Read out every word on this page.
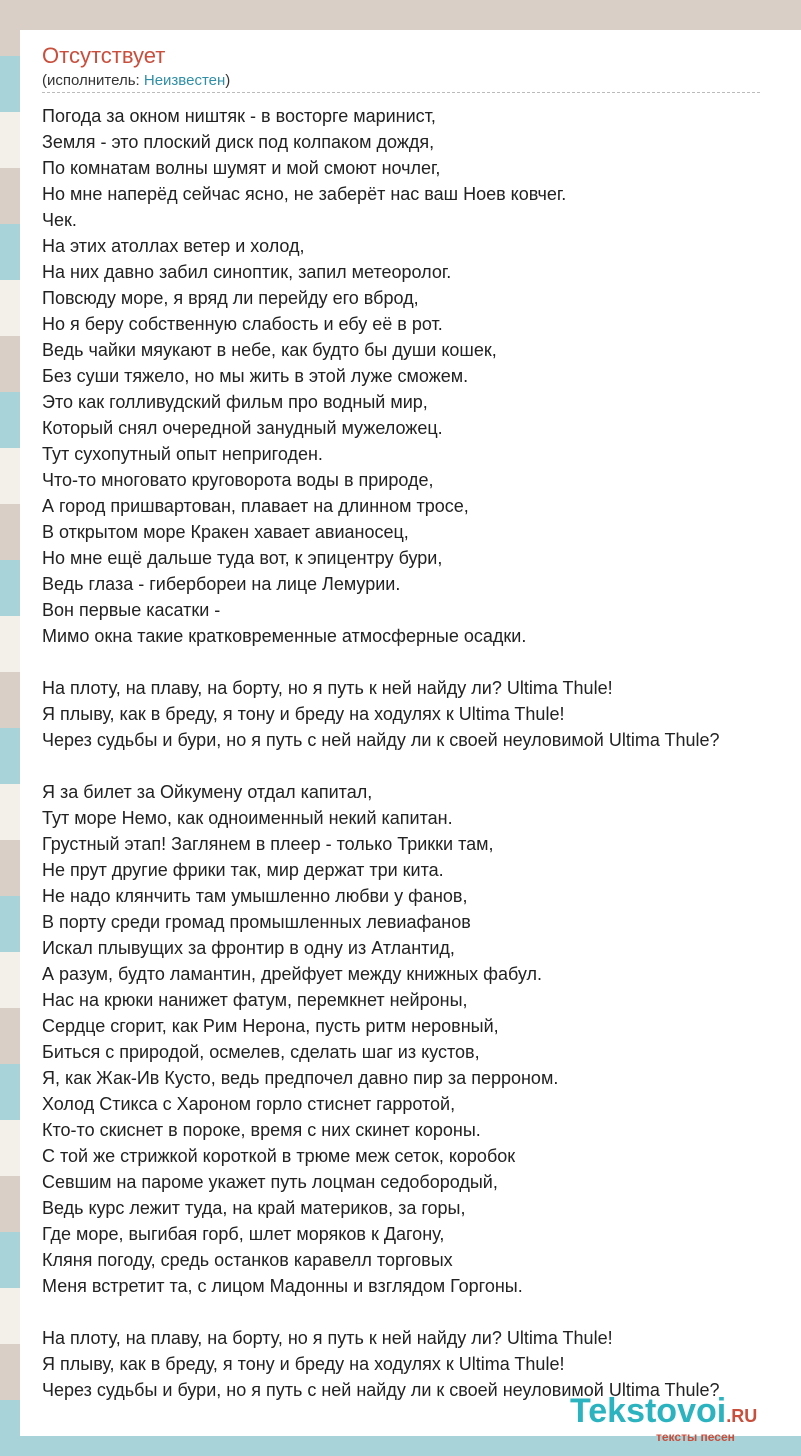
Отсутствует
(исполнитель: Неизвестен)
Погода за окном ништяк - в восторге маринист,
Земля - это плоский диск под колпаком дождя,
По комнатам волны шумят и мой смоют ночлег,
Но мне наперёд сейчас ясно, не заберёт нас ваш Ноев ковчег.
Чек.
На этих атоллах ветер и холод,
На них давно забил синоптик, запил метеоролог.
Повсюду море, я вряд ли перейду его вброд,
Но я беру собственную слабость и ебу её в рот.
Ведь чайки мяукают в небе, как будто бы души кошек,
Без суши тяжело, но мы жить в этой луже сможем.
Это как голливудский фильм про водный мир,
Который снял очередной занудный мужеложец.
Тут сухопутный опыт непригоден.
Что-то многовато круговорота воды в природе,
А город пришвартован, плавает на длинном тросе,
В открытом море Кракен хавает авианосец,
Но мне ещё дальше туда вот, к эпицентру бури,
Ведь глаза - гиберборeи на лице Лемурии.
Вон первые касатки -
Мимо окна такие кратковременные атмосферные осадки.
На плоту, на плаву, на борту, но я путь к ней найду ли? Ultima Thule!
Я плыву, как в бреду, я тону и бреду на ходулях к Ultima Thule!
Через судьбы и бури, но я путь с ней найду ли к своей неуловимой Ultima Thule?
Я за билет за Ойкумену отдал капитал,
Тут море Немо, как одноименный некий капитан.
Грустный этап! Заглянем в плеер - только Трикки там,
Не прут другие фрики так, мир держат три кита.
Не надо клянчить там умышленно любви у фанов,
В порту среди громад промышленных левиафанов
Искал плывущих за фронтир в одну из Атлантид,
А разум, будто ламантин, дрейфует между книжных фабул.
Нас на крюки нанижет фатум, перемкнет нейроны,
Сердце сгорит, как Рим Нерона, пусть ритм неровный,
Биться с природой, осмелев, сделать шаг из кустов,
Я, как Жак-Ив Кусто, ведь предпочел давно пир за перроном.
Холод Стикса с Хароном горло стиснет гарротой,
Кто-то скиснет в пороке, время с них скинет короны.
С той же стрижкой короткой в трюме меж сеток, коробок
Севшим на пароме укажет путь лоцман седобородый,
Ведь курс лежит туда, на край материков, за горы,
Где море, выгибая горб, шлет моряков к Дагону,
Кляня погоду, средь останков каравелл торговых
Меня встретит та, с лицом Мадонны и взглядом Горгоны.
На плоту, на плаву, на борту, но я путь к ней найду ли? Ultima Thule!
Я плыву, как в бреду, я тону и бреду на ходулях к Ultima Thule!
Через судьбы и бури, но я путь с ней найду ли к своей неуловимой Ultima Thule?
Tekstovoi.RU
тексты песен
